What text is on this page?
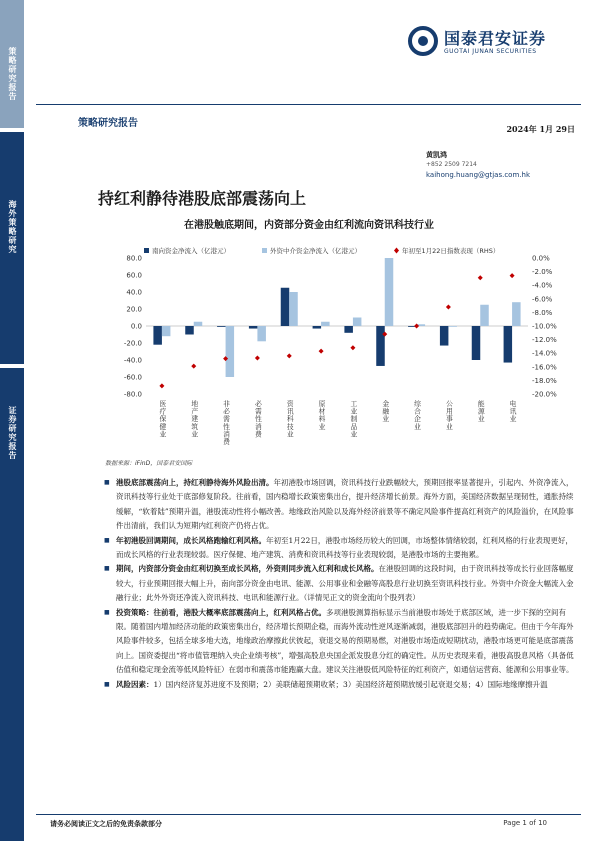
策略研究报告
海外策略研究
证券研究报告
国泰君安证券
GUOTAI JUNAN SECURITIES
策略研究报告	2024年 1月 29日
黄凯鸿
+852 2509 7214
kaihong.huang@gtjas.com.hk
持红利静待港股底部震荡向上
在港股触底期间，内资部分资金由红利流向资讯科技行业
南向资金净流入（亿港元）	外资中介资金净流入（亿港元）	年初至1月22日指数表现（RHS）
80.0
60.0
40.0
20.0
0.0
-20.0
-40.0
-60.0
-80.0
0.0%
-2.0%
-4.0%
-6.0%
-8.0%
-10.0%
-12.0%
-14.0%
-16.0%
-18.0%
-20.0%
医
疗
保
健
业
地
产
建
筑
业
非
必
需
性
消
费
必
需
性
消
费
资
讯
科
技
业
原
材
料
业
工
业
制
品
业
金
融
业
综
合
企
业
公
用
事
业
能
源
业
电
讯
业
数据来源：iFinD，国泰君安国际
■ 港股底部震荡向上，持红利静待海外风险出清。年初港股市场回调，资讯科技行业跌幅较大，预期回报率显著提升，引起内、外资净流入，资讯科技等行业处于底部修复阶段。往前看，国内稳增长政策密集出台，提升经济增长前景。海外方面，美国经济数据呈现韧性，通胀持续缓解，“软着陆”预期升温，港股流动性将小幅改善。地缘政治风险以及海外经济前景等不确定风险事件提高红利资产的风险溢价，在风险事件出清前，我们认为短期内红利资产仍将占优。
■ 年初港股回调期间，成长风格跑输红利风格。年初至1月22日，港股市场经历较大的回调，市场整体情绪较弱，红利风格的行业表现更好，而成长风格的行业表现较弱。医疗保健、地产建筑、消费和资讯科技等行业表现较弱，是港股市场的主要拖累。
■ 期间，内资部分资金由红利切换至成长风格，外资则同步流入红利和成长风格。在港股回调的这段时间，由于资讯科技等成长行业回落幅度较大，行业预期回报大幅上升，南向部分资金由电讯、能源、公用事业和金融等高股息行业切换至资讯科技行业。外资中介资金大幅流入金融行业；此外外资还净流入资讯科技、电讯和能源行业。（详情见正文的资金流向个股列表）
■ 投资策略：往前看，港股大概率底部震荡向上，红利风格占优。多项港股测算指标显示当前港股市场处于底部区域，进一步下探的空间有限。随着国内增加经济动能的政策密集出台，经济增长预期企稳，而海外流动性逆风逐渐减弱，港股底部回升的趋势确定。但由于今年海外风险事件较多，包括全球多地大选，地缘政治摩擦此伏彼起，衰退交易的预期易燃，对港股市场造成短期扰动，港股市场更可能是底部震荡向上。国资委提出“将市值管理纳入央企业绩考核”，增强高股息央国企派发股息分红的确定性。从历史表现来看，港股高股息风格（具备低估值和稳定现金流等低风险特征）在弱市和震荡市能跑赢大盘。建议关注港股低风险特征的红利资产，如通信运营商、能源和公用事业等。
■ 风险因素：1）国内经济复苏进度不及预期；2）美联储超预期收紧；3）美国经济超预期放缓引起衰退交易；4）国际地缘摩擦升温
请务必阅读正文之后的免责条款部分	Page 1 of 10
